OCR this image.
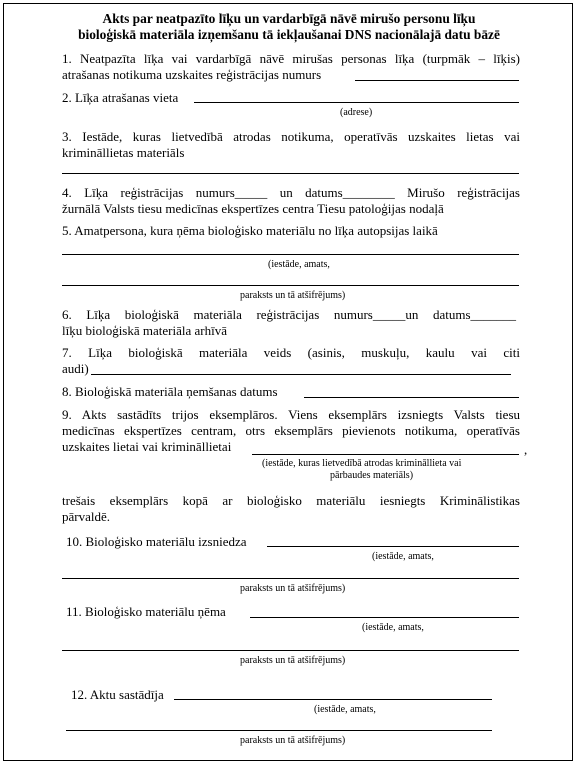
Akts par neatpazīto līķu un vardarbīgā nāvē mirušo personu līķu
bioloģiskā materiāla izņemšanu tā iekļaušanai DNS nacionālajā datu bāzē
1. Neatpazīta līķa vai vardarbīgā nāvē mirušas personas līķa (turpmāk – līķis)
atrašanas notikuma uzskaites reģistrācijas numurs
2. Līķa atrašanas vieta
(adrese)
3. Iestāde, kuras lietvedībā atrodas notikuma, operatīvās uzskaites lietas vai
krimināllietas materiāls
4. Līķa reģistrācijas numurs_____ un datums________ Mirušo reģistrācijas
žurnālā Valsts tiesu medicīnas ekspertīzes centra Tiesu patoloģijas nodaļā
5. Amatpersona, kura ņēma bioloģisko materiālu no līķa autopsijas laikā
(iestāde, amats,
paraksts un tā atšifrējums)
6. Līķa bioloģiskā materiāla reģistrācijas numurs_____un datums_______
līķu bioloģiskā materiāla arhīvā
7. Līķa bioloģiskā materiāla veids (asinis, muskuļu, kaulu vai citi
audi)
8. Bioloģiskā materiāla ņemšanas datums
9. Akts sastādīts trijos eksemplāros. Viens eksemplārs izsniegts Valsts tiesu
medicīnas ekspertīzes centram, otrs eksemplārs pievienots notikuma, operatīvās
uzskaites lietai vai krimināllietai	,
(iestāde, kuras lietvedībā atrodas krimināllieta vai
pārbaudes materiāls)
trešais eksemplārs kopā ar bioloģisko materiālu iesniegts Kriminālistikas
pārvaldē.
10. Bioloģisko materiālu izsniedza
(iestāde, amats,
paraksts un tā atšifrējums)
11. Bioloģisko materiālu ņēma
(iestāde, amats,
paraksts un tā atšifrējums)
12. Aktu sastādīja
(iestāde, amats,
paraksts un tā atšifrējums)
